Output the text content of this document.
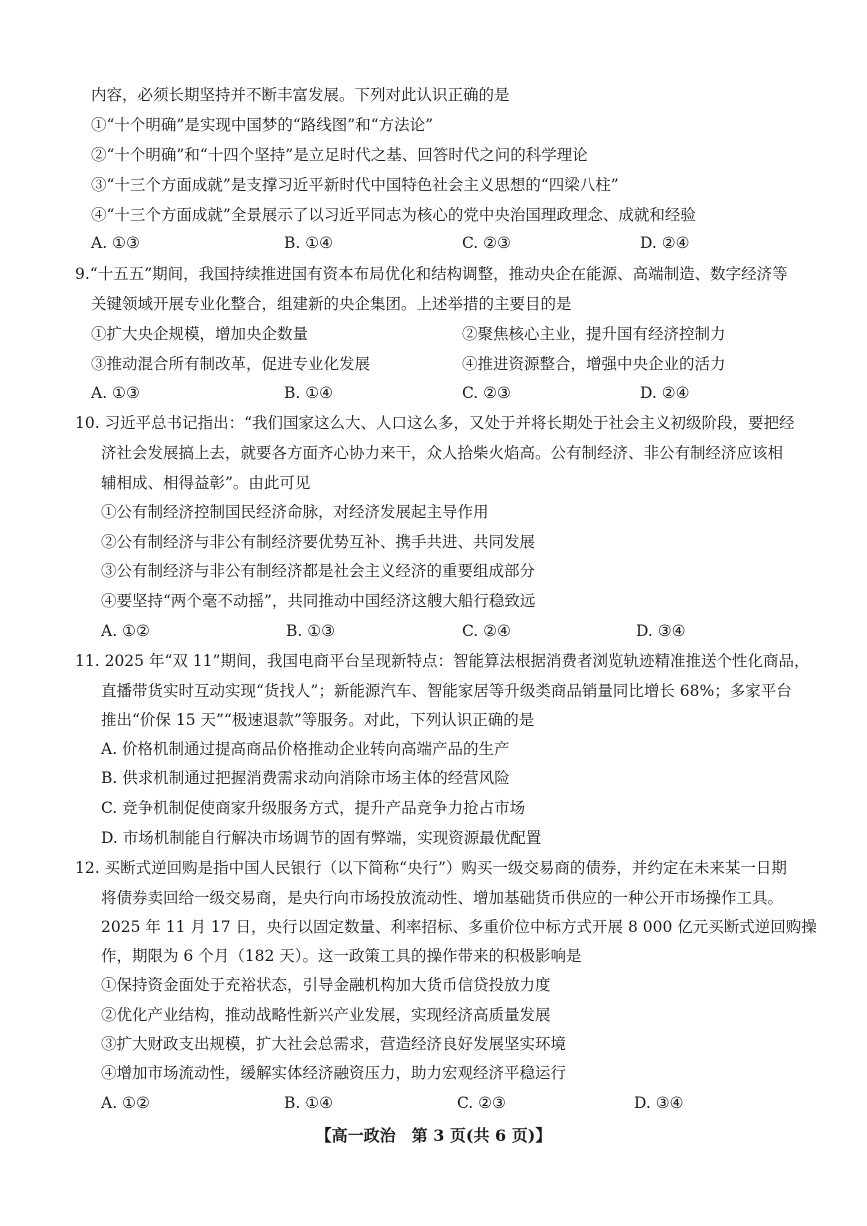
内容，必须长期坚持并不断丰富发展。下列对此认识正确的是
①“十个明确”是实现中国梦的“路线图”和“方法论”
②“十个明确”和“十四个坚持”是立足时代之基、回答时代之问的科学理论
③“十三个方面成就”是支撑习近平新时代中国特色社会主义思想的“四梁八柱”
④“十三个方面成就”全景展示了以习近平同志为核心的党中央治国理政理念、成就和经验
A. ①③	B. ①④	C. ②③	D. ②④
9.“十五五”期间，我国持续推进国有资本布局优化和结构调整，推动央企在能源、高端制造、数字经济等
关键领域开展专业化整合，组建新的央企集团。上述举措的主要目的是
①扩大央企规模，增加央企数量	②聚焦核心主业，提升国有经济控制力
③推动混合所有制改革，促进专业化发展	④推进资源整合，增强中央企业的活力
A. ①③	B. ①④	C. ②③	D. ②④
10. 习近平总书记指出：“我们国家这么大、人口这么多，又处于并将长期处于社会主义初级阶段，要把经
济社会发展搞上去，就要各方面齐心协力来干，众人拾柴火焰高。公有制经济、非公有制经济应该相
辅相成、相得益彰”。由此可见
①公有制经济控制国民经济命脉，对经济发展起主导作用
②公有制经济与非公有制经济要优势互补、携手共进、共同发展
③公有制经济与非公有制经济都是社会主义经济的重要组成部分
④要坚持“两个毫不动摇”，共同推动中国经济这艘大船行稳致远
A. ①②	B. ①③	C. ②④	D. ③④
11. 2025 年“双 11”期间，我国电商平台呈现新特点：智能算法根据消费者浏览轨迹精准推送个性化商品，
直播带货实时互动实现“货找人”；新能源汽车、智能家居等升级类商品销量同比增长 68%；多家平台
推出“价保 15 天”“极速退款”等服务。对此，下列认识正确的是
A. 价格机制通过提高商品价格推动企业转向高端产品的生产
B. 供求机制通过把握消费需求动向消除市场主体的经营风险
C. 竞争机制促使商家升级服务方式，提升产品竞争力抢占市场
D. 市场机制能自行解决市场调节的固有弊端，实现资源最优配置
12. 买断式逆回购是指中国人民银行（以下简称“央行”）购买一级交易商的债券，并约定在未来某一日期
将债券卖回给一级交易商，是央行向市场投放流动性、增加基础货币供应的一种公开市场操作工具。
2025 年 11 月 17 日，央行以固定数量、利率招标、多重价位中标方式开展 8 000 亿元买断式逆回购操
作，期限为 6 个月（182 天）。这一政策工具的操作带来的积极影响是
①保持资金面处于充裕状态，引导金融机构加大货币信贷投放力度
②优化产业结构，推动战略性新兴产业发展，实现经济高质量发展
③扩大财政支出规模，扩大社会总需求，营造经济良好发展坚实环境
④增加市场流动性，缓解实体经济融资压力，助力宏观经济平稳运行
A. ①②	B. ①④	C. ②③	D. ③④
【高一政治　第 3 页(共 6 页)】
